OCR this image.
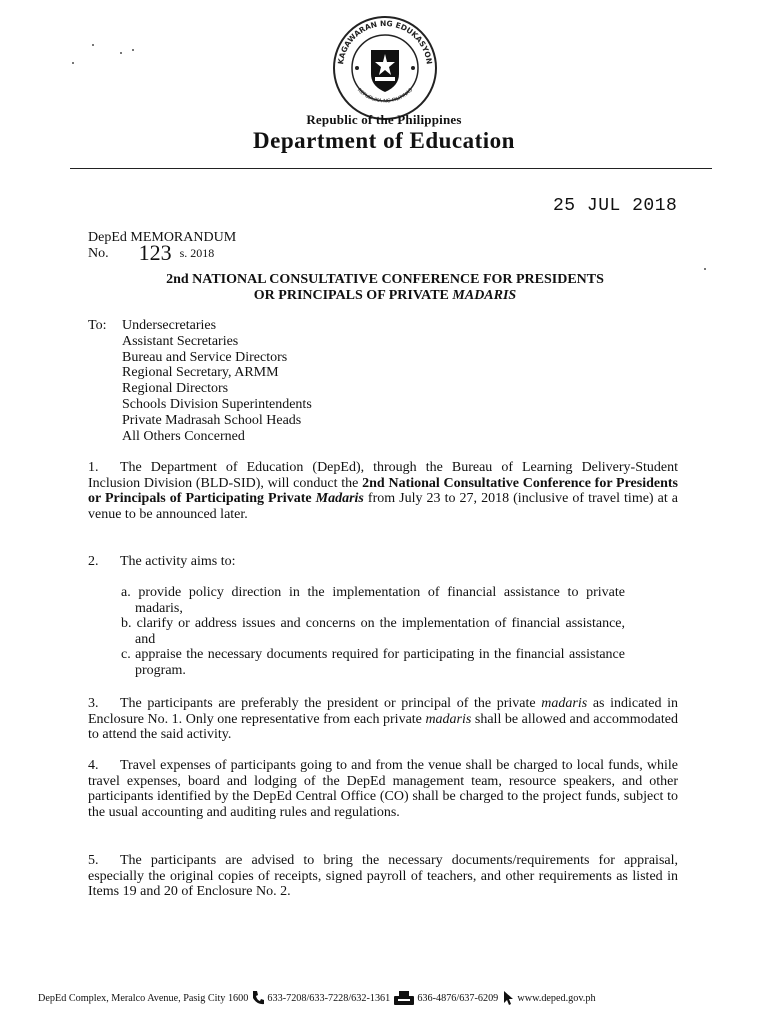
KAGAWARAN NG EDUKASYON
REPUBLIKA NG PILIPINAS
Republic of the Philippines
Department of Education
25 JUL 2018
DepEd MEMORANDUM
No. 123 s. 2018
2nd NATIONAL CONSULTATIVE CONFERENCE FOR PRESIDENTS
OR PRINCIPALS OF PRIVATE MADARIS
To: Undersecretaries
Assistant Secretaries
Bureau and Service Directors
Regional Secretary, ARMM
Regional Directors
Schools Division Superintendents
Private Madrasah School Heads
All Others Concerned
1. The Department of Education (DepEd), through the Bureau of Learning Delivery-Student Inclusion Division (BLD-SID), will conduct the 2nd National Consultative Conference for Presidents or Principals of Participating Private Madaris from July 23 to 27, 2018 (inclusive of travel time) at a venue to be announced later.
2. The activity aims to:
a. provide policy direction in the implementation of financial assistance to private madaris,
b. clarify or address issues and concerns on the implementation of financial assistance, and
c. appraise the necessary documents required for participating in the financial assistance program.
3. The participants are preferably the president or principal of the private madaris as indicated in Enclosure No. 1. Only one representative from each private madaris shall be allowed and accommodated to attend the said activity.
4. Travel expenses of participants going to and from the venue shall be charged to local funds, while travel expenses, board and lodging of the DepEd management team, resource speakers, and other participants identified by the DepEd Central Office (CO) shall be charged to the project funds, subject to the usual accounting and auditing rules and regulations.
5. The participants are advised to bring the necessary documents/requirements for appraisal, especially the original copies of receipts, signed payroll of teachers, and other requirements as listed in Items 19 and 20 of Enclosure No. 2.
DepEd Complex, Meralco Avenue, Pasig City 1600 633-7208/633-7228/632-1361	636-4876/637-6209 www.deped.gov.ph
